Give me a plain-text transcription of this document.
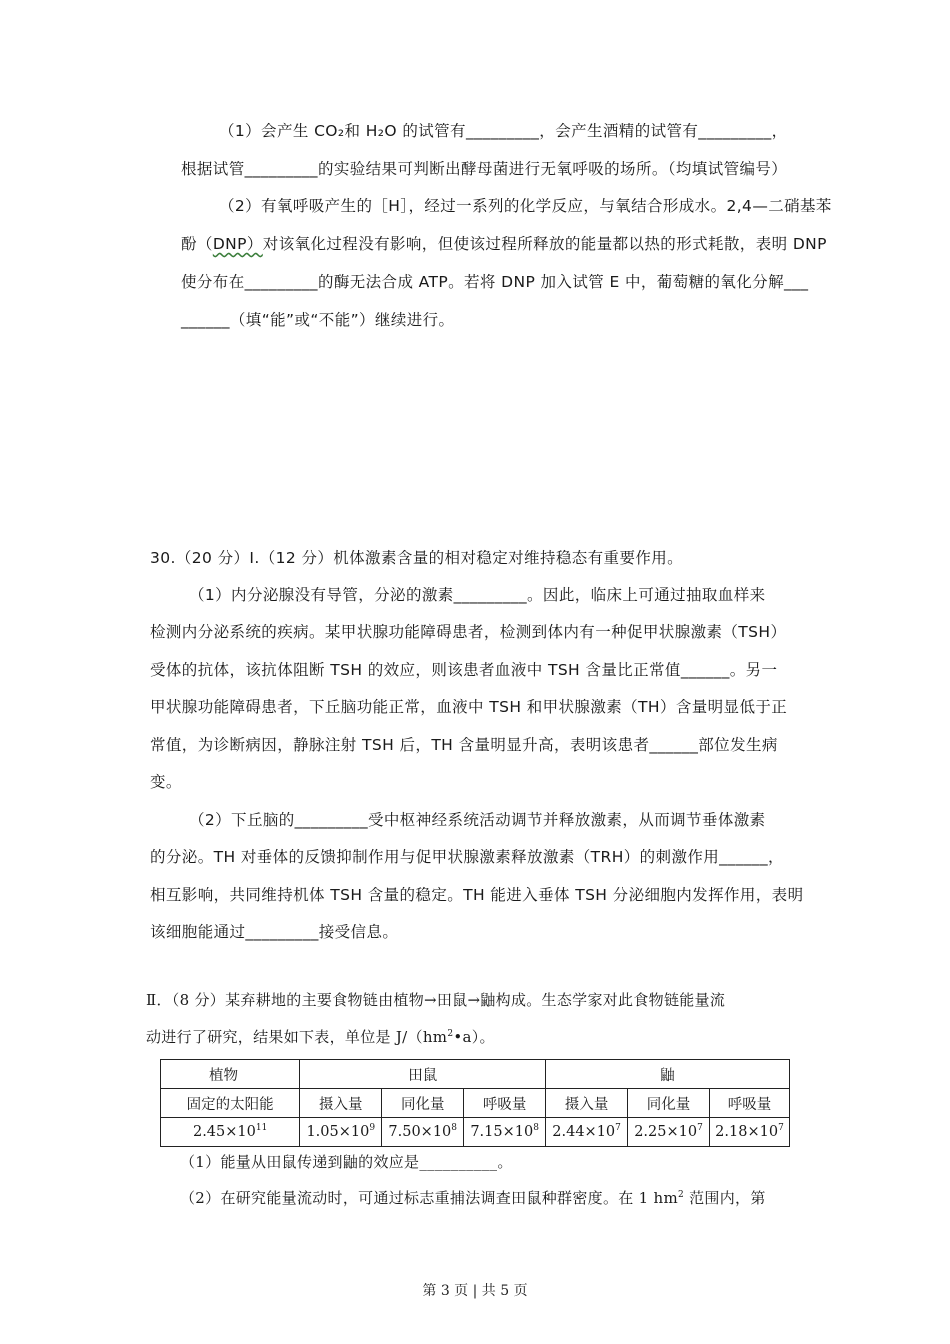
（1）会产生 CO₂和 H₂O 的试管有_________，会产生酒精的试管有_________，
根据试管_________的实验结果可判断出酵母菌进行无氧呼吸的场所。（均填试管编号）
（2）有氧呼吸产生的［H］，经过一系列的化学反应，与氧结合形成水。2,4—二硝基苯
酚（DNP）对该氧化过程没有影响，但使该过程所释放的能量都以热的形式耗散，表明 DNP
使分布在_________的酶无法合成 ATP。若将 DNP 加入试管 E 中，葡萄糖的氧化分解___
______（填“能”或“不能”）继续进行。
30.（20 分）Ⅰ.（12 分）机体激素含量的相对稳定对维持稳态有重要作用。
（1）内分泌腺没有导管，分泌的激素_________。因此，临床上可通过抽取血样来
检测内分泌系统的疾病。某甲状腺功能障碍患者，检测到体内有一种促甲状腺激素（TSH）
受体的抗体，该抗体阻断 TSH 的效应，则该患者血液中 TSH 含量比正常值______。另一
甲状腺功能障碍患者，下丘脑功能正常，血液中 TSH 和甲状腺激素（TH）含量明显低于正
常值，为诊断病因，静脉注射 TSH 后，TH 含量明显升高，表明该患者______部位发生病
变。
（2）下丘脑的_________受中枢神经系统活动调节并释放激素，从而调节垂体激素
的分泌。TH 对垂体的反馈抑制作用与促甲状腺激素释放激素（TRH）的刺激作用______，
相互影响，共同维持机体 TSH 含量的稳定。TH 能进入垂体 TSH 分泌细胞内发挥作用，表明
该细胞能通过_________接受信息。
Ⅱ．（8 分）某弃耕地的主要食物链由植物→田鼠→鼬构成。生态学家对此食物链能量流
动进行了研究，结果如下表，单位是 $J/(hm^2•a)$。
植物	田鼠			鼬		
固定的太阳能	摄入量	同化量	呼吸量	摄入量	同化量	呼吸量
$2.45\times 10^{11}$	$1.05\times 10^9$	$7.50\times 10^8$	$7.15\times 10^8$	$2.44\times 10^7$	$2.25\times 10^7$	$2.18\times 10^7$
（1）能量从田鼠传递到鼬的效应是__________。
（2）在研究能量流动时，可通过标志重捕法调查田鼠种群密度。在 1 $hm^2$ 范围内，第
第 3 页 | 共 5 页
